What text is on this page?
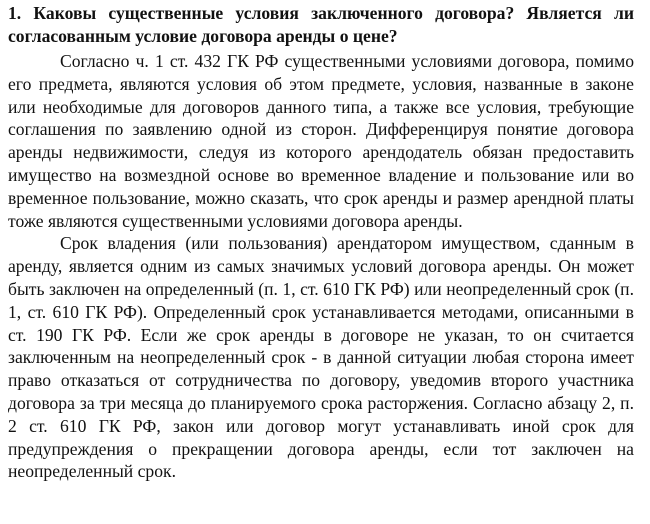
1. Каковы существенные условия заключенного договора? Является ли согласованным условие договора аренды о цене?

Согласно ч. 1 ст. 432 ГК РФ существенными условиями договора, помимо его предмета, являются условия об этом предмете, условия, названные в законе или необходимые для договоров данного типа, а также все условия, требующие соглашения по заявлению одной из сторон. Дифференцируя понятие договора аренды недвижимости, следуя из которого арендодатель обязан предоставить имущество на возмездной основе во временное владение и пользование или во временное пользование, можно сказать, что срок аренды и размер арендной платы тоже являются существенными условиями договора аренды.

Срок владения (или пользования) арендатором имуществом, сданным в аренду, является одним из самых значимых условий договора аренды. Он может быть заключен на определенный (п. 1, ст. 610 ГК РФ) или неопределенный срок (п. 1, ст. 610 ГК РФ). Определенный срок устанавливается методами, описанными в ст. 190 ГК РФ. Если же срок аренды в договоре не указан, то он считается заключенным на неопределенный срок - в данной ситуации любая сторона имеет право отказаться от сотрудничества по договору, уведомив второго участника договора за три месяца до планируемого срока расторжения. Согласно абзацу 2, п. 2 ст. 610 ГК РФ, закон или договор могут устанавливать иной срок для предупреждения о прекращении договора аренды, если тот заключен на неопределенный срок.
